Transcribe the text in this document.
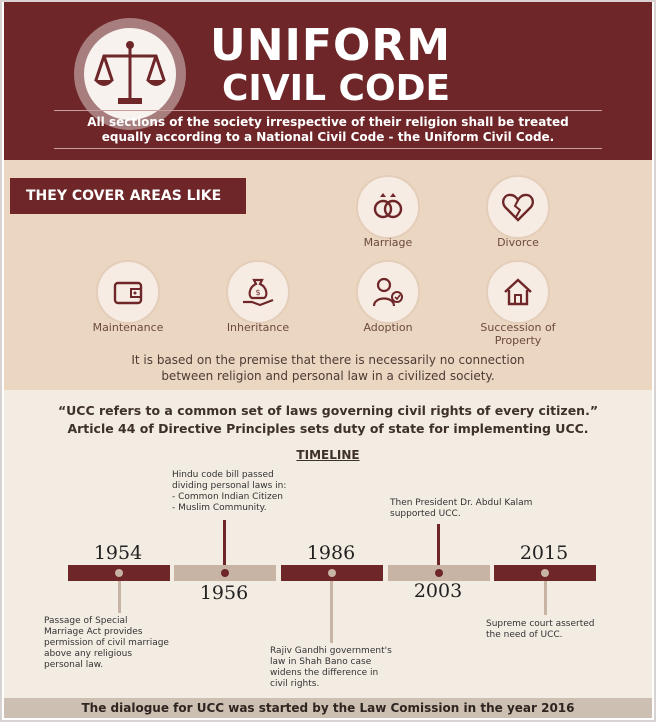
UNIFORM
CIVIL CODE
All sections of the society irrespective of their religion shall be treated
equally according to a National Civil Code - the Uniform Civil Code.
THEY COVER AREAS LIKE
Marriage	Divorce
Maintenance
$
Inheritance	Adoption	Succession of
Property
It is based on the premise that there is necessarily no connection
between religion and personal law in a civilized society.
“UCC refers to a common set of laws governing civil rights of every citizen.”
Article 44 of Directive Principles sets duty of state for implementing UCC.
TIMELINE
1954
Passage of Special
Marriage Act provides
permission of civil marriage
above any religious
personal law.
Hindu code bill passed
dividing personal laws in:
- Common Indian Citizen
- Muslim Community.
1956
1986
Rajiv Gandhi government's
law in Shah Bano case
widens the difference in
civil rights.
Then President Dr. Abdul Kalam
supported UCC.
2003
2015
Supreme court asserted
the need of UCC.
The dialogue for UCC was started by the Law Comission in the year 2016
